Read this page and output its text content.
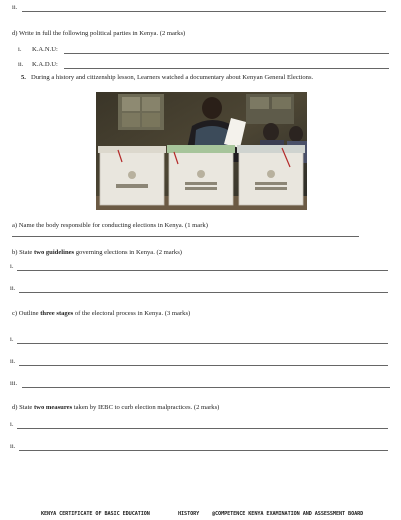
ii.
d) Write in full the following political parties in Kenya. (2 marks)
i. K.A.N.U:
ii. K.A.D.U:
5. During a history and citizenship lesson, Learners watched a documentary about Kenyan General Elections.
a) Name the body responsible for conducting elections in Kenya. (1 mark)
b) State two guidelines governing elections in Kenya. (2 marks)
i.
ii.
c) Outline three stages of the electoral process in Kenya. (3 marks)
i.
ii.
iii.
d) State two measures taken by IEBC to curb election malpractices. (2 marks)
i.
ii.
KENYA CERTIFICATE OF BASIC EDUCATION	HISTORY @COMPETENCE KENYA EXAMINATION AND ASSESSMENT BOARD
